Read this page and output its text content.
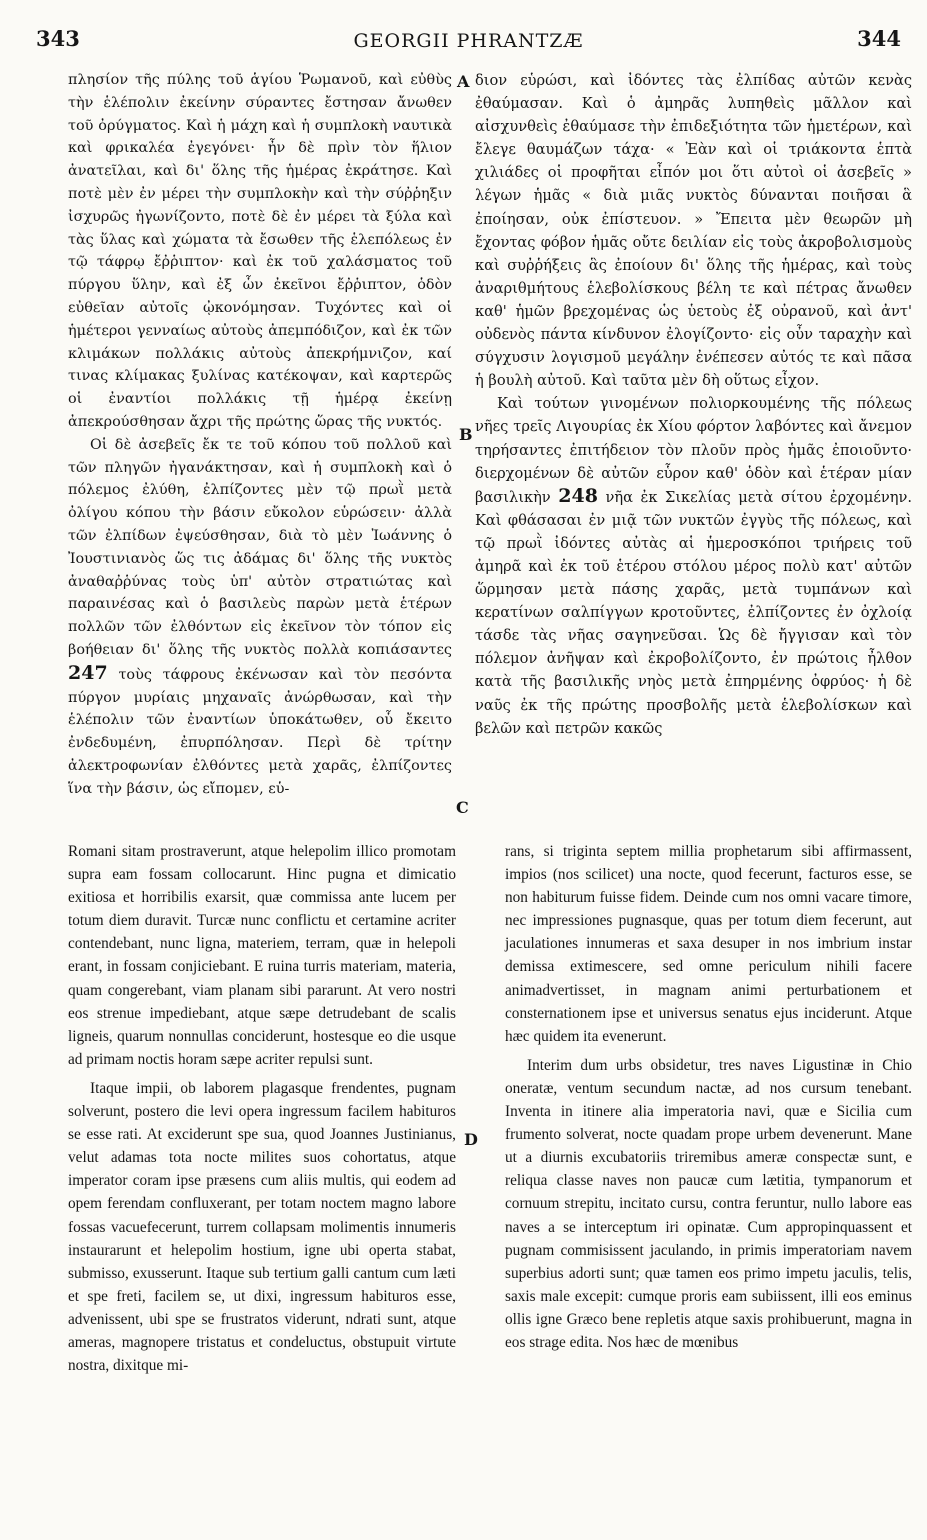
343	GEORGII PHRANTZÆ	344
A
B
C
D

πλησίον τῆς πύλης τοῦ ἁγίου Ῥωμανοῦ, καὶ εὐθὺς τὴν ἑλέπολιν ἐκείνην σύραντες ἔστησαν ἄνωθεν τοῦ ὀρύγματος. Καὶ ἡ μάχη καὶ ἡ συμπλοκὴ ναυτικὰ καὶ φρικαλέα ἐγεγόνει· ἦν δὲ πρὶν τὸν ἥλιον ἀνατεῖλαι, καὶ δι' ὅλης τῆς ἡμέρας ἐκράτησε. Καὶ ποτὲ μὲν ἐν μέρει τὴν συμπλοκὴν καὶ τὴν σύῤῥηξιν ἰσχυρῶς ἠγωνίζοντο, ποτὲ δὲ ἐν μέρει τὰ ξύλα καὶ τὰς ὕλας καὶ χώματα τὰ ἔσωθεν τῆς ἑλεπόλεως ἐν τῷ τάφρῳ ἔῤῥιπτον· καὶ ἐκ τοῦ χαλάσματος τοῦ πύργου ὕλην, καὶ ἐξ ὧν ἐκεῖνοι ἔῤῥιπτον, ὁδὸν εὐθεῖαν αὐτοῖς ᾠκονόμησαν. Τυχόντες καὶ οἱ ἡμέτεροι γενναίως αὐτοὺς ἀπεμπόδιζον, καὶ ἐκ τῶν κλιμάκων πολλάκις αὐτοὺς ἀπεκρήμνιζον, καί τινας κλίμακας ξυλίνας κατέκοψαν, καὶ καρτερῶς οἱ ἐναντίοι πολλάκις τῇ ἡμέρᾳ ἐκείνῃ ἀπεκρούσθησαν ἄχρι τῆς πρώτης ὥρας τῆς νυκτός.

Οἱ δὲ ἀσεβεῖς ἔκ τε τοῦ κόπου τοῦ πολλοῦ καὶ τῶν πληγῶν ἠγανάκτησαν, καὶ ἡ συμπλοκὴ καὶ ὁ πόλεμος ἐλύθη, ἐλπίζοντες μὲν τῷ πρωῒ μετὰ ὀλίγου κόπου τὴν βάσιν εὔκολον εὑρώσειν· ἀλλὰ τῶν ἐλπίδων ἐψεύσθησαν, διὰ τὸ μὲν Ἰωάννης ὁ Ἰουστινιανὸς ὥς τις ἀδάμας δι' ὅλης τῆς νυκτὸς ἀναθαῤῥύνας τοὺς ὑπ' αὐτὸν στρατιώτας καὶ παραινέσας καὶ ὁ βασιλεὺς παρὼν μετὰ ἑτέρων πολλῶν τῶν ἐλθόντων εἰς ἐκεῖνον τὸν τόπον εἰς βοήθειαν δι' ὅλης τῆς νυκτὸς πολλὰ κοπιάσαντες 247 τοὺς τάφρους ἐκένωσαν καὶ τὸν πεσόντα πύργον μυρίαις μηχαναῖς ἀνώρθωσαν, καὶ τὴν ἑλέπολιν τῶν ἐναντίων ὑποκάτωθεν, οὗ ἔκειτο ἐνδεδυμένη, ἐπυρπόλησαν. Περὶ δὲ τρίτην ἀλεκτροφωνίαν ἐλθόντες μετὰ χαρᾶς, ἐλπίζοντες ἵνα τὴν βάσιν, ὡς εἴπομεν, εὑ-

διον εὑρώσι, καὶ ἰδόντες τὰς ἐλπίδας αὐτῶν κενὰς ἐθαύμασαν. Καὶ ὁ ἀμηρᾶς λυπηθεὶς μᾶλλον καὶ αἰσχυνθεὶς ἐθαύμασε τὴν ἐπιδεξιότητα τῶν ἡμετέρων, καὶ ἔλεγε θαυμάζων τάχα· « Ἐὰν καὶ οἱ τριάκοντα ἑπτὰ χιλιάδες οἱ προφῆται εἶπόν μοι ὅτι αὐτοὶ οἱ ἀσεβεῖς » λέγων ἡμᾶς « διὰ μιᾶς νυκτὸς δύνανται ποιῆσαι ἃ ἐποίησαν, οὐκ ἐπίστευον. » Ἔπειτα μὲν θεωρῶν μὴ ἔχοντας φόβον ἡμᾶς οὔτε δειλίαν εἰς τοὺς ἀκροβολισμοὺς καὶ συῤῥήξεις ἃς ἐποίουν δι' ὅλης τῆς ἡμέρας, καὶ τοὺς ἀναριθμήτους ἑλεβολίσκους βέλη τε καὶ πέτρας ἄνωθεν καθ' ἡμῶν βρεχομένας ὡς ὑετοὺς ἐξ οὐρανοῦ, καὶ ἀντ' οὐδενὸς πάντα κίνδυνον ἐλογίζοντο· εἰς οὖν ταραχὴν καὶ σύγχυσιν λογισμοῦ μεγάλην ἐνέπεσεν αὐτός τε καὶ πᾶσα ἡ βουλὴ αὐτοῦ. Καὶ ταῦτα μὲν δὴ οὕτως εἶχον.

Καὶ τούτων γινομένων πολιορκουμένης τῆς πόλεως νῆες τρεῖς Λιγουρίας ἐκ Χίου φόρτον λαβόντες καὶ ἄνεμον τηρήσαντες ἐπιτήδειον τὸν πλοῦν πρὸς ἡμᾶς ἐποιοῦντο· διερχομένων δὲ αὐτῶν εὗρον καθ' ὁδὸν καὶ ἑτέραν μίαν βασιλικὴν 248 νῆα ἐκ Σικελίας μετὰ σίτου ἐρχομένην. Καὶ φθάσασαι ἐν μιᾷ τῶν νυκτῶν ἐγγὺς τῆς πόλεως, καὶ τῷ πρωῒ ἰδόντες αὐτὰς αἱ ἡμεροσκόποι τριήρεις τοῦ ἀμηρᾶ καὶ ἐκ τοῦ ἑτέρου στόλου μέρος πολὺ κατ' αὐτῶν ὥρμησαν μετὰ πάσης χαρᾶς, μετὰ τυμπάνων καὶ κερατίνων σαλπίγγων κροτοῦντες, ἐλπίζοντες ἐν ὀχλοίᾳ τάσδε τὰς νῆας σαγηνεῦσαι. Ὡς δὲ ἤγγισαν καὶ τὸν πόλεμον ἀνῆψαν καὶ ἐκροβολίζοντο, ἐν πρώτοις ἦλθον κατὰ τῆς βασιλικῆς νηὸς μετὰ ἐπηρμένης ὀφρύος· ἡ δὲ ναῦς ἐκ τῆς πρώτης προσβολῆς μετὰ ἑλεβολίσκων καὶ βελῶν καὶ πετρῶν κακῶς

Romani sitam prostraverunt, atque helepolim illico promotam supra eam fossam collocarunt. Hinc pugna et dimicatio exitiosa et horribilis exarsit, quæ commissa ante lucem per totum diem duravit. Turcæ nunc conflictu et certamine acriter contendebant, nunc ligna, materiem, terram, quæ in helepoli erant, in fossam conjiciebant. E ruina turris materiam, materia, quam congerebant, viam planam sibi pararunt. At vero nostri eos strenue impediebant, atque sæpe detrudebant de scalis ligneis, quarum nonnullas conciderunt, hostesque eo die usque ad primam noctis horam sæpe acriter repulsi sunt.

Itaque impii, ob laborem plagasque frendentes, pugnam solverunt, postero die levi opera ingressum facilem habituros se esse rati. At exciderunt spe sua, quod Joannes Justinianus, velut adamas tota nocte milites suos cohortatus, atque imperator coram ipse præsens cum aliis multis, qui eodem ad opem ferendam confluxerant, per totam noctem magno labore fossas vacuefecerunt, turrem collapsam molimentis innumeris instaurarunt et helepolim hostium, igne ubi operta stabat, submisso, exusserunt. Itaque sub tertium galli cantum cum læti et spe freti, facilem se, ut dixi, ingressum habituros esse, advenissent, ubi spe se frustratos viderunt, ndrati sunt, atque ameras, magnopere tristatus et condeluctus, obstupuit virtute nostra, dixitque mi-

rans, si triginta septem millia prophetarum sibi affirmassent, impios (nos scilicet) una nocte, quod fecerunt, facturos esse, se non habiturum fuisse fidem. Deinde cum nos omni vacare timore, nec impressiones pugnasque, quas per totum diem fecerunt, aut jaculationes innumeras et saxa desuper in nos imbrium instar demissa extimescere, sed omne periculum nihili facere animadvertisset, in magnam animi perturbationem et consternationem ipse et universus senatus ejus inciderunt. Atque hæc quidem ita evenerunt.

Interim dum urbs obsidetur, tres naves Ligustinæ in Chio oneratæ, ventum secundum nactæ, ad nos cursum tenebant. Inventa in itinere alia imperatoria navi, quæ e Sicilia cum frumento solverat, nocte quadam prope urbem devenerunt. Mane ut a diurnis excubatoriis triremibus ameræ conspectæ sunt, e reliqua classe naves non paucæ cum lætitia, tympanorum et cornuum strepitu, incitato cursu, contra feruntur, nullo labore eas naves a se interceptum iri opinatæ. Cum appropinquassent et pugnam commisissent jaculando, in primis imperatoriam navem superbius adorti sunt; quæ tamen eos primo impetu jaculis, telis, saxis male excepit: cumque proris eam subiissent, illi eos eminus ollis igne Græco bene repletis atque saxis prohibuerunt, magna in eos strage edita. Nos hæc de mœnibus
